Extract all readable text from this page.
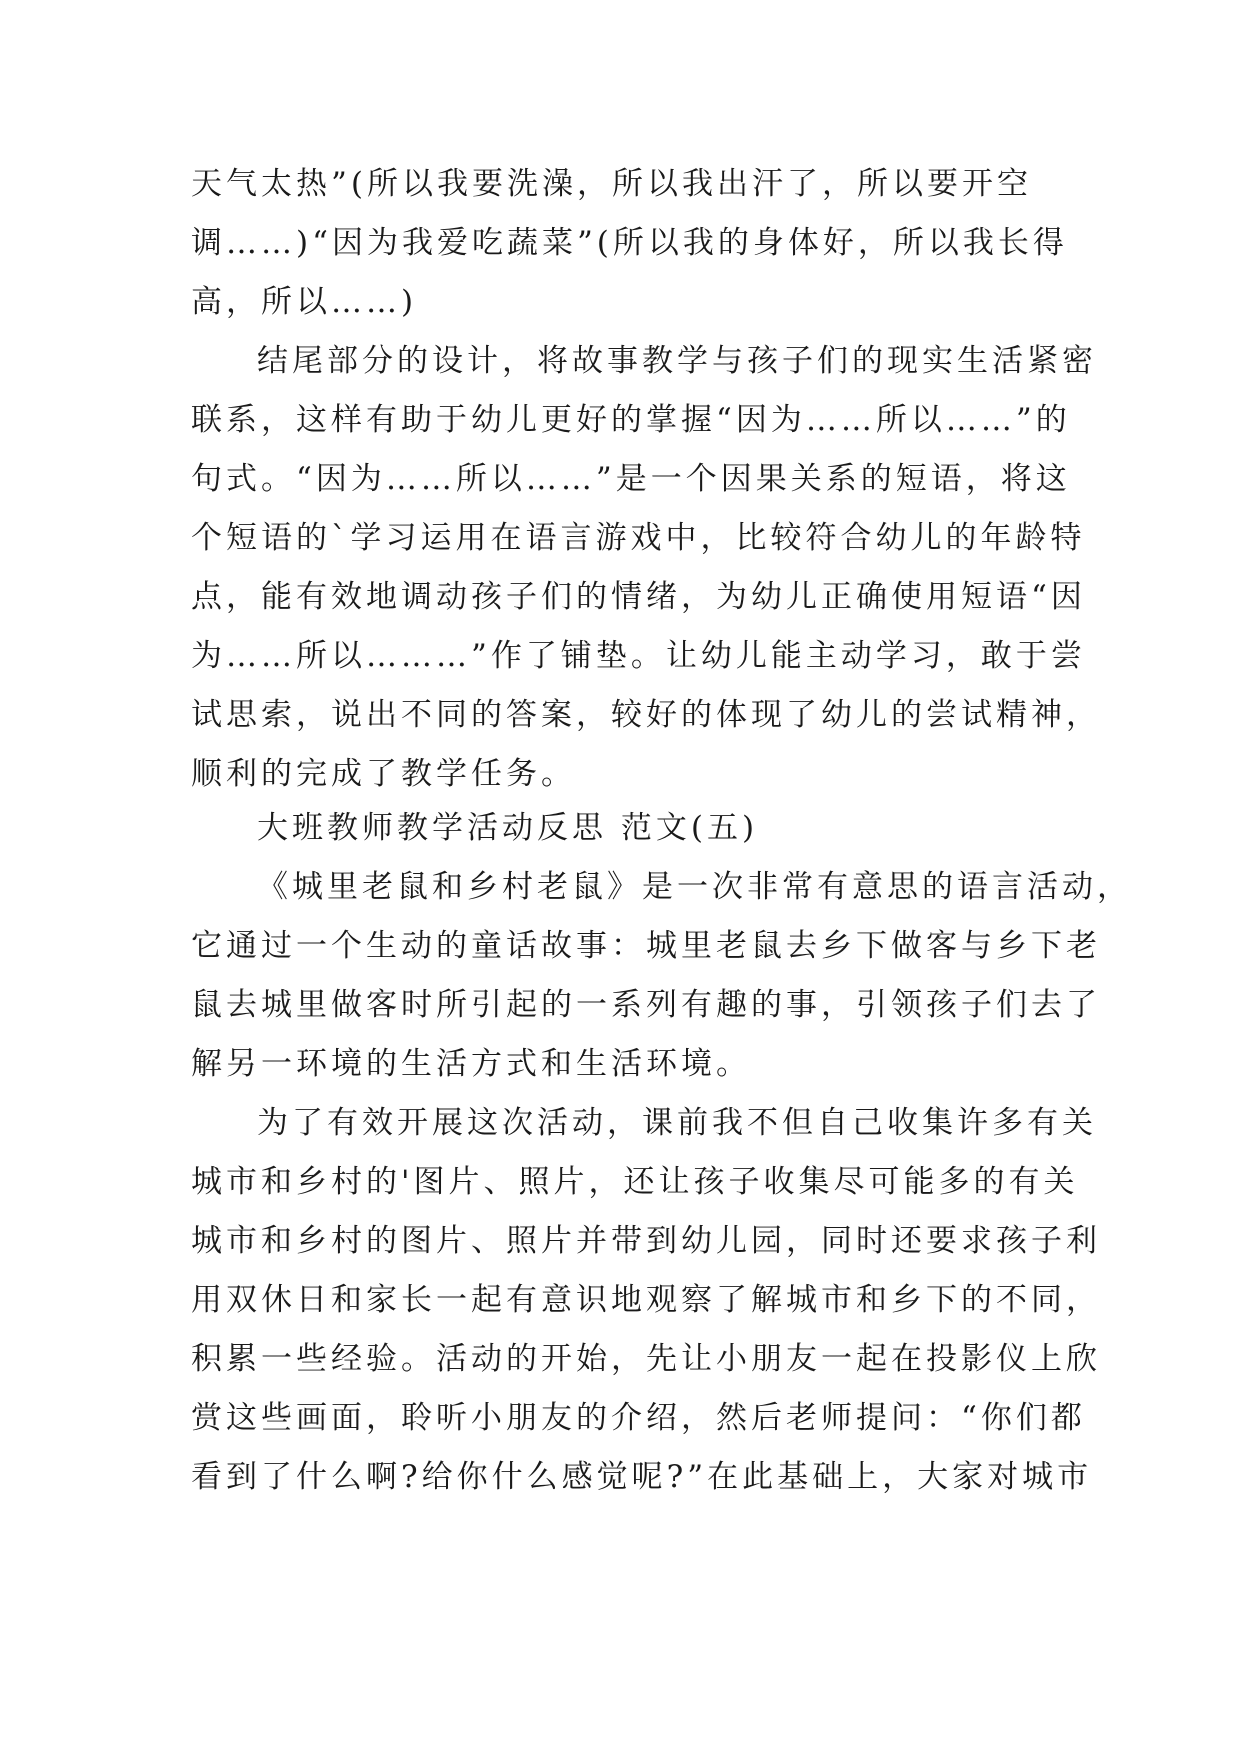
天气太热”(所以我要洗澡，所以我出汗了，所以要开空
调……)“因为我爱吃蔬菜”(所以我的身体好，所以我长得
高，所以……)
结尾部分的设计，将故事教学与孩子们的现实生活紧密
联系，这样有助于幼儿更好的掌握“因为……所以……”的
句式。“因为……所以……”是一个因果关系的短语，将这
个短语的`学习运用在语言游戏中，比较符合幼儿的年龄特
点，能有效地调动孩子们的情绪，为幼儿正确使用短语“因
为……所以………”作了铺垫。让幼儿能主动学习，敢于尝
试思索，说出不同的答案，较好的体现了幼儿的尝试精神，
顺利的完成了教学任务。
大班教师教学活动反思 范文(五)
《城里老鼠和乡村老鼠》是一次非常有意思的语言活动，
它通过一个生动的童话故事：城里老鼠去乡下做客与乡下老
鼠去城里做客时所引起的一系列有趣的事，引领孩子们去了
解另一环境的生活方式和生活环境。
为了有效开展这次活动，课前我不但自己收集许多有关
城市和乡村的'图片、照片，还让孩子收集尽可能多的有关
城市和乡村的图片、照片并带到幼儿园，同时还要求孩子利
用双休日和家长一起有意识地观察了解城市和乡下的不同，
积累一些经验。活动的开始，先让小朋友一起在投影仪上欣
赏这些画面，聆听小朋友的介绍，然后老师提问：“你们都
看到了什么啊?给你什么感觉呢?”在此基础上，大家对城市
